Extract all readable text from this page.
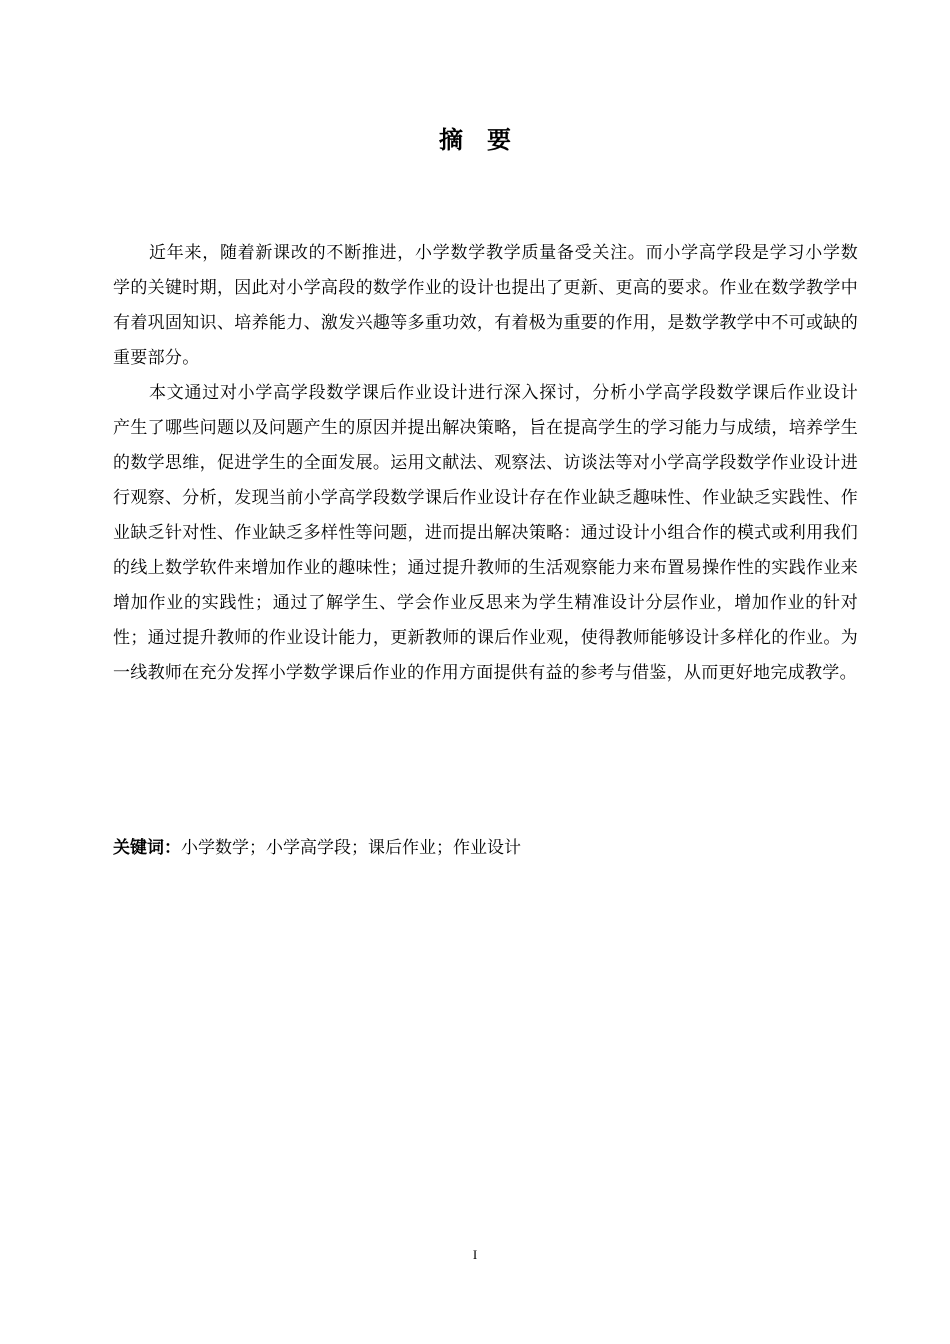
摘要

近年来，随着新课改的不断推进，小学数学教学质量备受关注。而小学高学段是学习小学数学的关键时期，因此对小学高段的数学作业的设计也提出了更新、更高的要求。作业在数学教学中有着巩固知识、培养能力、激发兴趣等多重功效，有着极为重要的作用，是数学教学中不可或缺的重要部分。

本文通过对小学高学段数学课后作业设计进行深入探讨，分析小学高学段数学课后作业设计产生了哪些问题以及问题产生的原因并提出解决策略，旨在提高学生的学习能力与成绩，培养学生的数学思维，促进学生的全面发展。运用文献法、观察法、访谈法等对小学高学段数学作业设计进行观察、分析，发现当前小学高学段数学课后作业设计存在作业缺乏趣味性、作业缺乏实践性、作业缺乏针对性、作业缺乏多样性等问题，进而提出解决策略：通过设计小组合作的模式或利用我们的线上数学软件来增加作业的趣味性；通过提升教师的生活观察能力来布置易操作性的实践作业来增加作业的实践性；通过了解学生、学会作业反思来为学生精准设计分层作业，增加作业的针对性；通过提升教师的作业设计能力，更新教师的课后作业观，使得教师能够设计多样化的作业。为一线教师在充分发挥小学数学课后作业的作用方面提供有益的参考与借鉴，从而更好地完成教学。

关键词：小学数学；小学高学段；课后作业；作业设计
I
